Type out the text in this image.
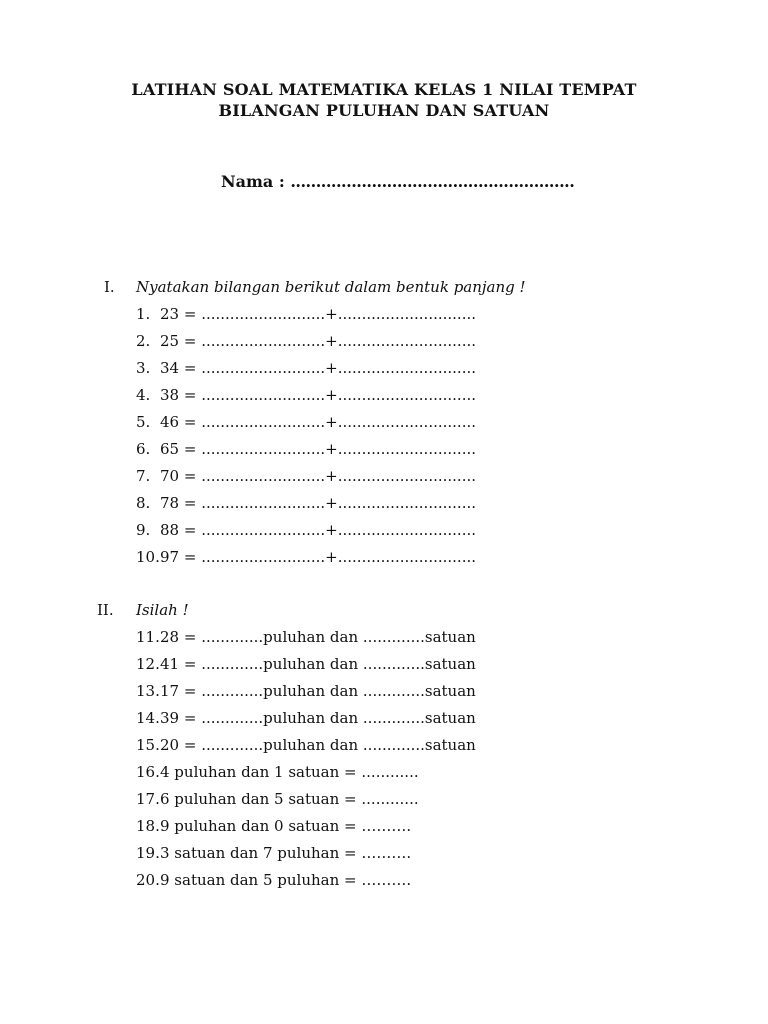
LATIHAN SOAL MATEMATIKA KELAS 1 NILAI TEMPAT
BILANGAN PULUHAN DAN SATUAN
Nama : ........................................................
I. Nyatakan bilangan berikut dalam bentuk panjang !
1. 23 = ..........................+.............................
2. 25 = ..........................+.............................
3. 34 = ..........................+.............................
4. 38 = ..........................+.............................
5. 46 = ..........................+.............................
6. 65 = ..........................+.............................
7. 70 = ..........................+.............................
8. 78 = ..........................+.............................
9. 88 = ..........................+.............................
10.97 = ..........................+.............................
II. Isilah !
11.28 = .............puluhan dan .............satuan
12.41 = .............puluhan dan .............satuan
13.17 = .............puluhan dan .............satuan
14.39 = .............puluhan dan .............satuan
15.20 = .............puluhan dan .............satuan
16.4 puluhan dan 1 satuan = ............
17.6 puluhan dan 5 satuan = ............
18.9 puluhan dan 0 satuan = ……….
19.3 satuan dan 7 puluhan = ……….
20.9 satuan dan 5 puluhan = ……….
